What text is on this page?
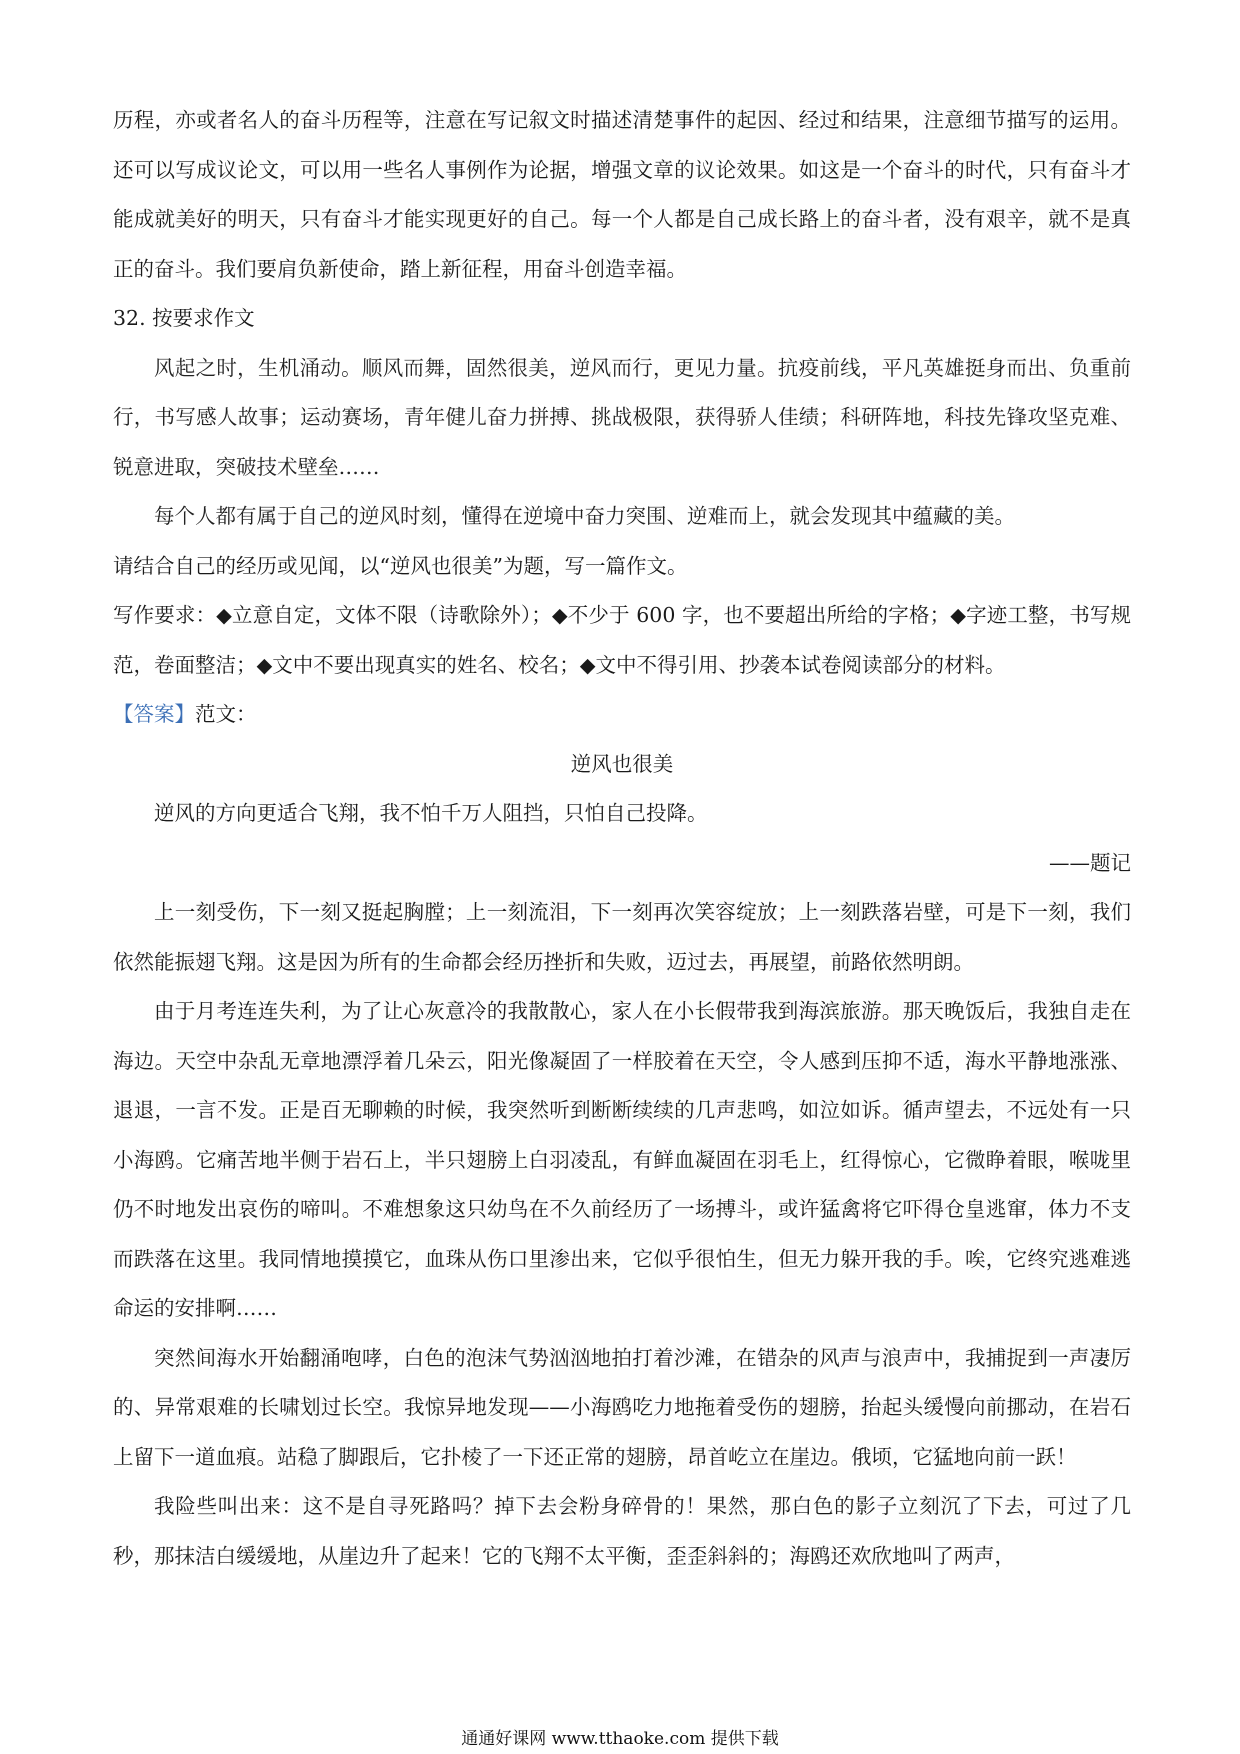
历程，亦或者名人的奋斗历程等，注意在写记叙文时描述清楚事件的起因、经过和结果，注意细节描写的运用。还可以写成议论文，可以用一些名人事例作为论据，增强文章的议论效果。如这是一个奋斗的时代，只有奋斗才能成就美好的明天，只有奋斗才能实现更好的自己。每一个人都是自己成长路上的奋斗者，没有艰辛，就不是真正的奋斗。我们要肩负新使命，踏上新征程，用奋斗创造幸福。

32. 按要求作文

风起之时，生机涌动。顺风而舞，固然很美，逆风而行，更见力量。抗疫前线，平凡英雄挺身而出、负重前行，书写感人故事；运动赛场，青年健儿奋力拼搏、挑战极限，获得骄人佳绩；科研阵地，科技先锋攻坚克难、锐意进取，突破技术壁垒……

每个人都有属于自己的逆风时刻，懂得在逆境中奋力突围、逆难而上，就会发现其中蕴藏的美。

请结合自己的经历或见闻，以“逆风也很美”为题，写一篇作文。

写作要求：◆立意自定，文体不限（诗歌除外）；◆不少于 600 字，也不要超出所给的字格；◆字迹工整，书写规范，卷面整洁；◆文中不要出现真实的姓名、校名；◆文中不得引用、抄袭本试卷阅读部分的材料。

【答案】范文：

逆风也很美

逆风的方向更适合飞翔，我不怕千万人阻挡，只怕自己投降。

——题记

上一刻受伤，下一刻又挺起胸膛；上一刻流泪，下一刻再次笑容绽放；上一刻跌落岩壁，可是下一刻，我们依然能振翅飞翔。这是因为所有的生命都会经历挫折和失败，迈过去，再展望，前路依然明朗。

由于月考连连失利，为了让心灰意冷的我散散心，家人在小长假带我到海滨旅游。那天晚饭后，我独自走在海边。天空中杂乱无章地漂浮着几朵云，阳光像凝固了一样胶着在天空，令人感到压抑不适，海水平静地涨涨、退退，一言不发。正是百无聊赖的时候，我突然听到断断续续的几声悲鸣，如泣如诉。循声望去，不远处有一只小海鸥。它痛苦地半侧于岩石上，半只翅膀上白羽凌乱，有鲜血凝固在羽毛上，红得惊心，它微睁着眼，喉咙里仍不时地发出哀伤的啼叫。不难想象这只幼鸟在不久前经历了一场搏斗，或许猛禽将它吓得仓皇逃窜，体力不支而跌落在这里。我同情地摸摸它，血珠从伤口里渗出来，它似乎很怕生，但无力躲开我的手。唉，它终究逃难逃命运的安排啊……

突然间海水开始翻涌咆哮，白色的泡沫气势汹汹地拍打着沙滩，在错杂的风声与浪声中，我捕捉到一声凄厉的、异常艰难的长啸划过长空。我惊异地发现——小海鸥吃力地拖着受伤的翅膀，抬起头缓慢向前挪动，在岩石上留下一道血痕。站稳了脚跟后，它扑棱了一下还正常的翅膀，昂首屹立在崖边。俄顷，它猛地向前一跃！

我险些叫出来：这不是自寻死路吗？掉下去会粉身碎骨的！果然，那白色的影子立刻沉了下去，可过了几秒，那抹洁白缓缓地，从崖边升了起来！它的飞翔不太平衡，歪歪斜斜的；海鸥还欢欣地叫了两声，

通通好课网 www.tthaoke.com 提供下载
